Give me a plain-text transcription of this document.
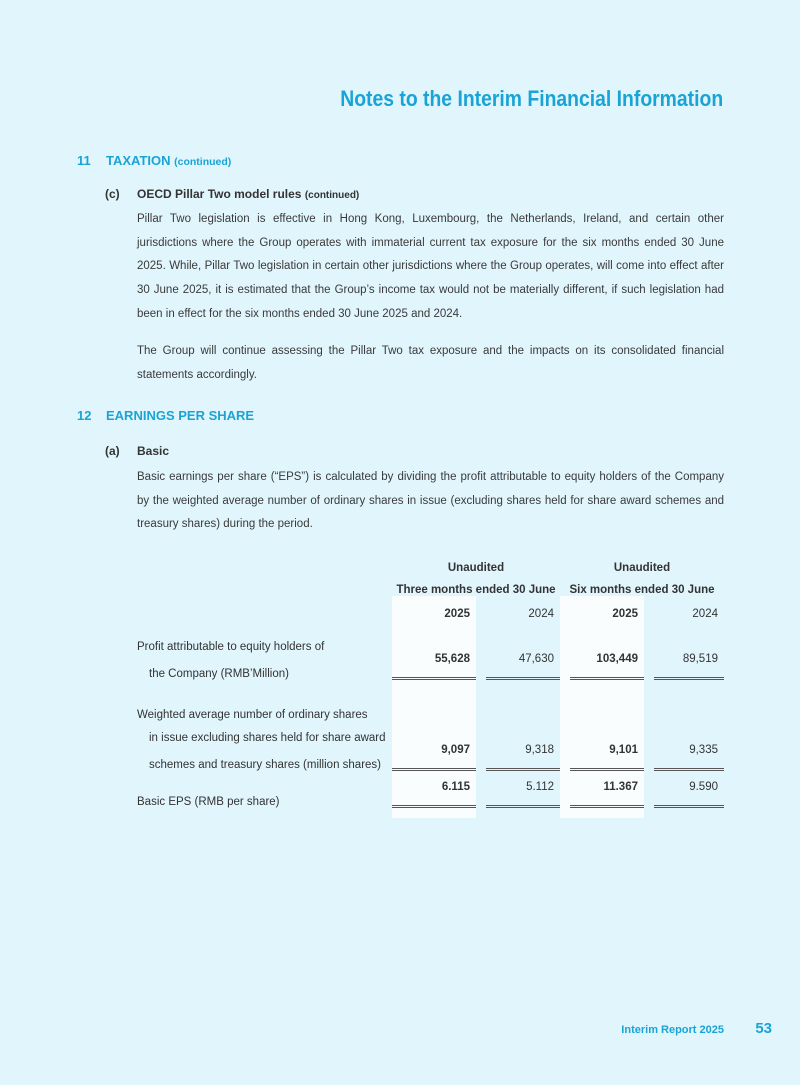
Notes to the Interim Financial Information
11 TAXATION (continued)
(c) OECD Pillar Two model rules (continued)

Pillar Two legislation is effective in Hong Kong, Luxembourg, the Netherlands, Ireland, and certain other jurisdictions where the Group operates with immaterial current tax exposure for the six months ended 30 June 2025. While, Pillar Two legislation in certain other jurisdictions where the Group operates, will come into effect after 30 June 2025, it is estimated that the Group’s income tax would not be materially different, if such legislation had been in effect for the six months ended 30 June 2025 and 2024.

The Group will continue assessing the Pillar Two tax exposure and the impacts on its consolidated financial statements accordingly.

12 EARNINGS PER SHARE
(a) Basic

Basic earnings per share (“EPS”) is calculated by dividing the profit attributable to equity holders of the Company by the weighted average number of ordinary shares in issue (excluding shares held for share award schemes and treasury shares) during the period.

	Unaudited		Unaudited	
	Three months ended 30 June		Six months ended 30 June	
	2025	2024	2025	2024

Profit attributable to equity holders of				
the Company (RMB’Million)	55,628	47,630	103,449	89,519

Weighted average number of ordinary shares				
in issue excluding shares held for share award				
schemes and treasury shares (million shares)	9,097	9,318	9,101	9,335

Basic EPS (RMB per share)	6.115	5.112	11.367	9.590

Interim Report 2025 53
